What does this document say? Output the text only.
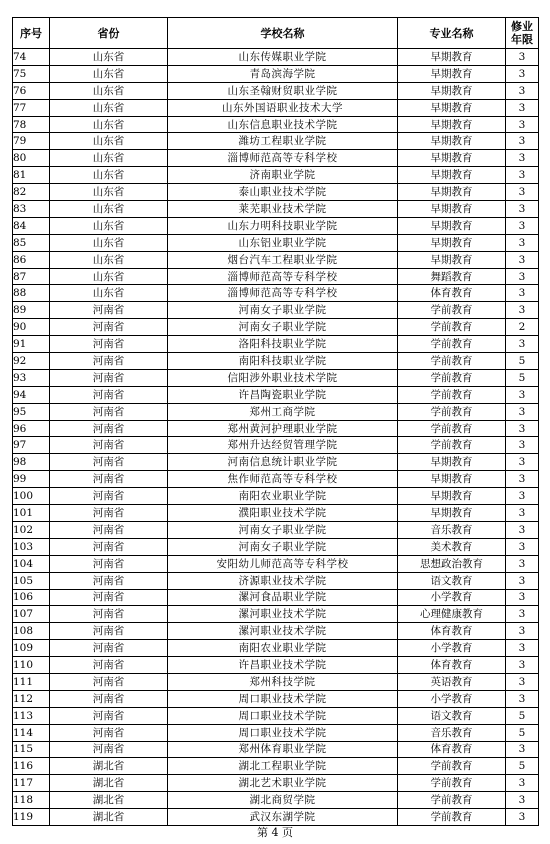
序号	省份	学校名称	专业名称	修业年限
74	山东省	山东传媒职业学院	早期教育	3
75	山东省	青岛滨海学院	早期教育	3
76	山东省	山东圣翰财贸职业学院	早期教育	3
77	山东省	山东外国语职业技术大学	早期教育	3
78	山东省	山东信息职业技术学院	早期教育	3
79	山东省	潍坊工程职业学院	早期教育	3
80	山东省	淄博师范高等专科学校	早期教育	3
81	山东省	济南职业学院	早期教育	3
82	山东省	泰山职业技术学院	早期教育	3
83	山东省	莱芜职业技术学院	早期教育	3
84	山东省	山东力明科技职业学院	早期教育	3
85	山东省	山东铝业职业学院	早期教育	3
86	山东省	烟台汽车工程职业学院	早期教育	3
87	山东省	淄博师范高等专科学校	舞蹈教育	3
88	山东省	淄博师范高等专科学校	体育教育	3
89	河南省	河南女子职业学院	学前教育	3
90	河南省	河南女子职业学院	学前教育	2
91	河南省	洛阳科技职业学院	学前教育	3
92	河南省	南阳科技职业学院	学前教育	5
93	河南省	信阳涉外职业技术学院	学前教育	5
94	河南省	许昌陶瓷职业学院	学前教育	3
95	河南省	郑州工商学院	学前教育	3
96	河南省	郑州黄河护理职业学院	学前教育	3
97	河南省	郑州升达经贸管理学院	学前教育	3
98	河南省	河南信息统计职业学院	早期教育	3
99	河南省	焦作师范高等专科学校	早期教育	3
100	河南省	南阳农业职业学院	早期教育	3
101	河南省	濮阳职业技术学院	早期教育	3
102	河南省	河南女子职业学院	音乐教育	3
103	河南省	河南女子职业学院	美术教育	3
104	河南省	安阳幼儿师范高等专科学校	思想政治教育	3
105	河南省	济源职业技术学院	语文教育	3
106	河南省	漯河食品职业学院	小学教育	3
107	河南省	漯河职业技术学院	心理健康教育	3
108	河南省	漯河职业技术学院	体育教育	3
109	河南省	南阳农业职业学院	小学教育	3
110	河南省	许昌职业技术学院	体育教育	3
111	河南省	郑州科技学院	英语教育	3
112	河南省	周口职业技术学院	小学教育	3
113	河南省	周口职业技术学院	语文教育	5
114	河南省	周口职业技术学院	音乐教育	5
115	河南省	郑州体育职业学院	体育教育	3
116	湖北省	湖北工程职业学院	学前教育	5
117	湖北省	湖北艺术职业学院	学前教育	3
118	湖北省	湖北商贸学院	学前教育	3
119	湖北省	武汉东湖学院	学前教育	3
第 4 页
